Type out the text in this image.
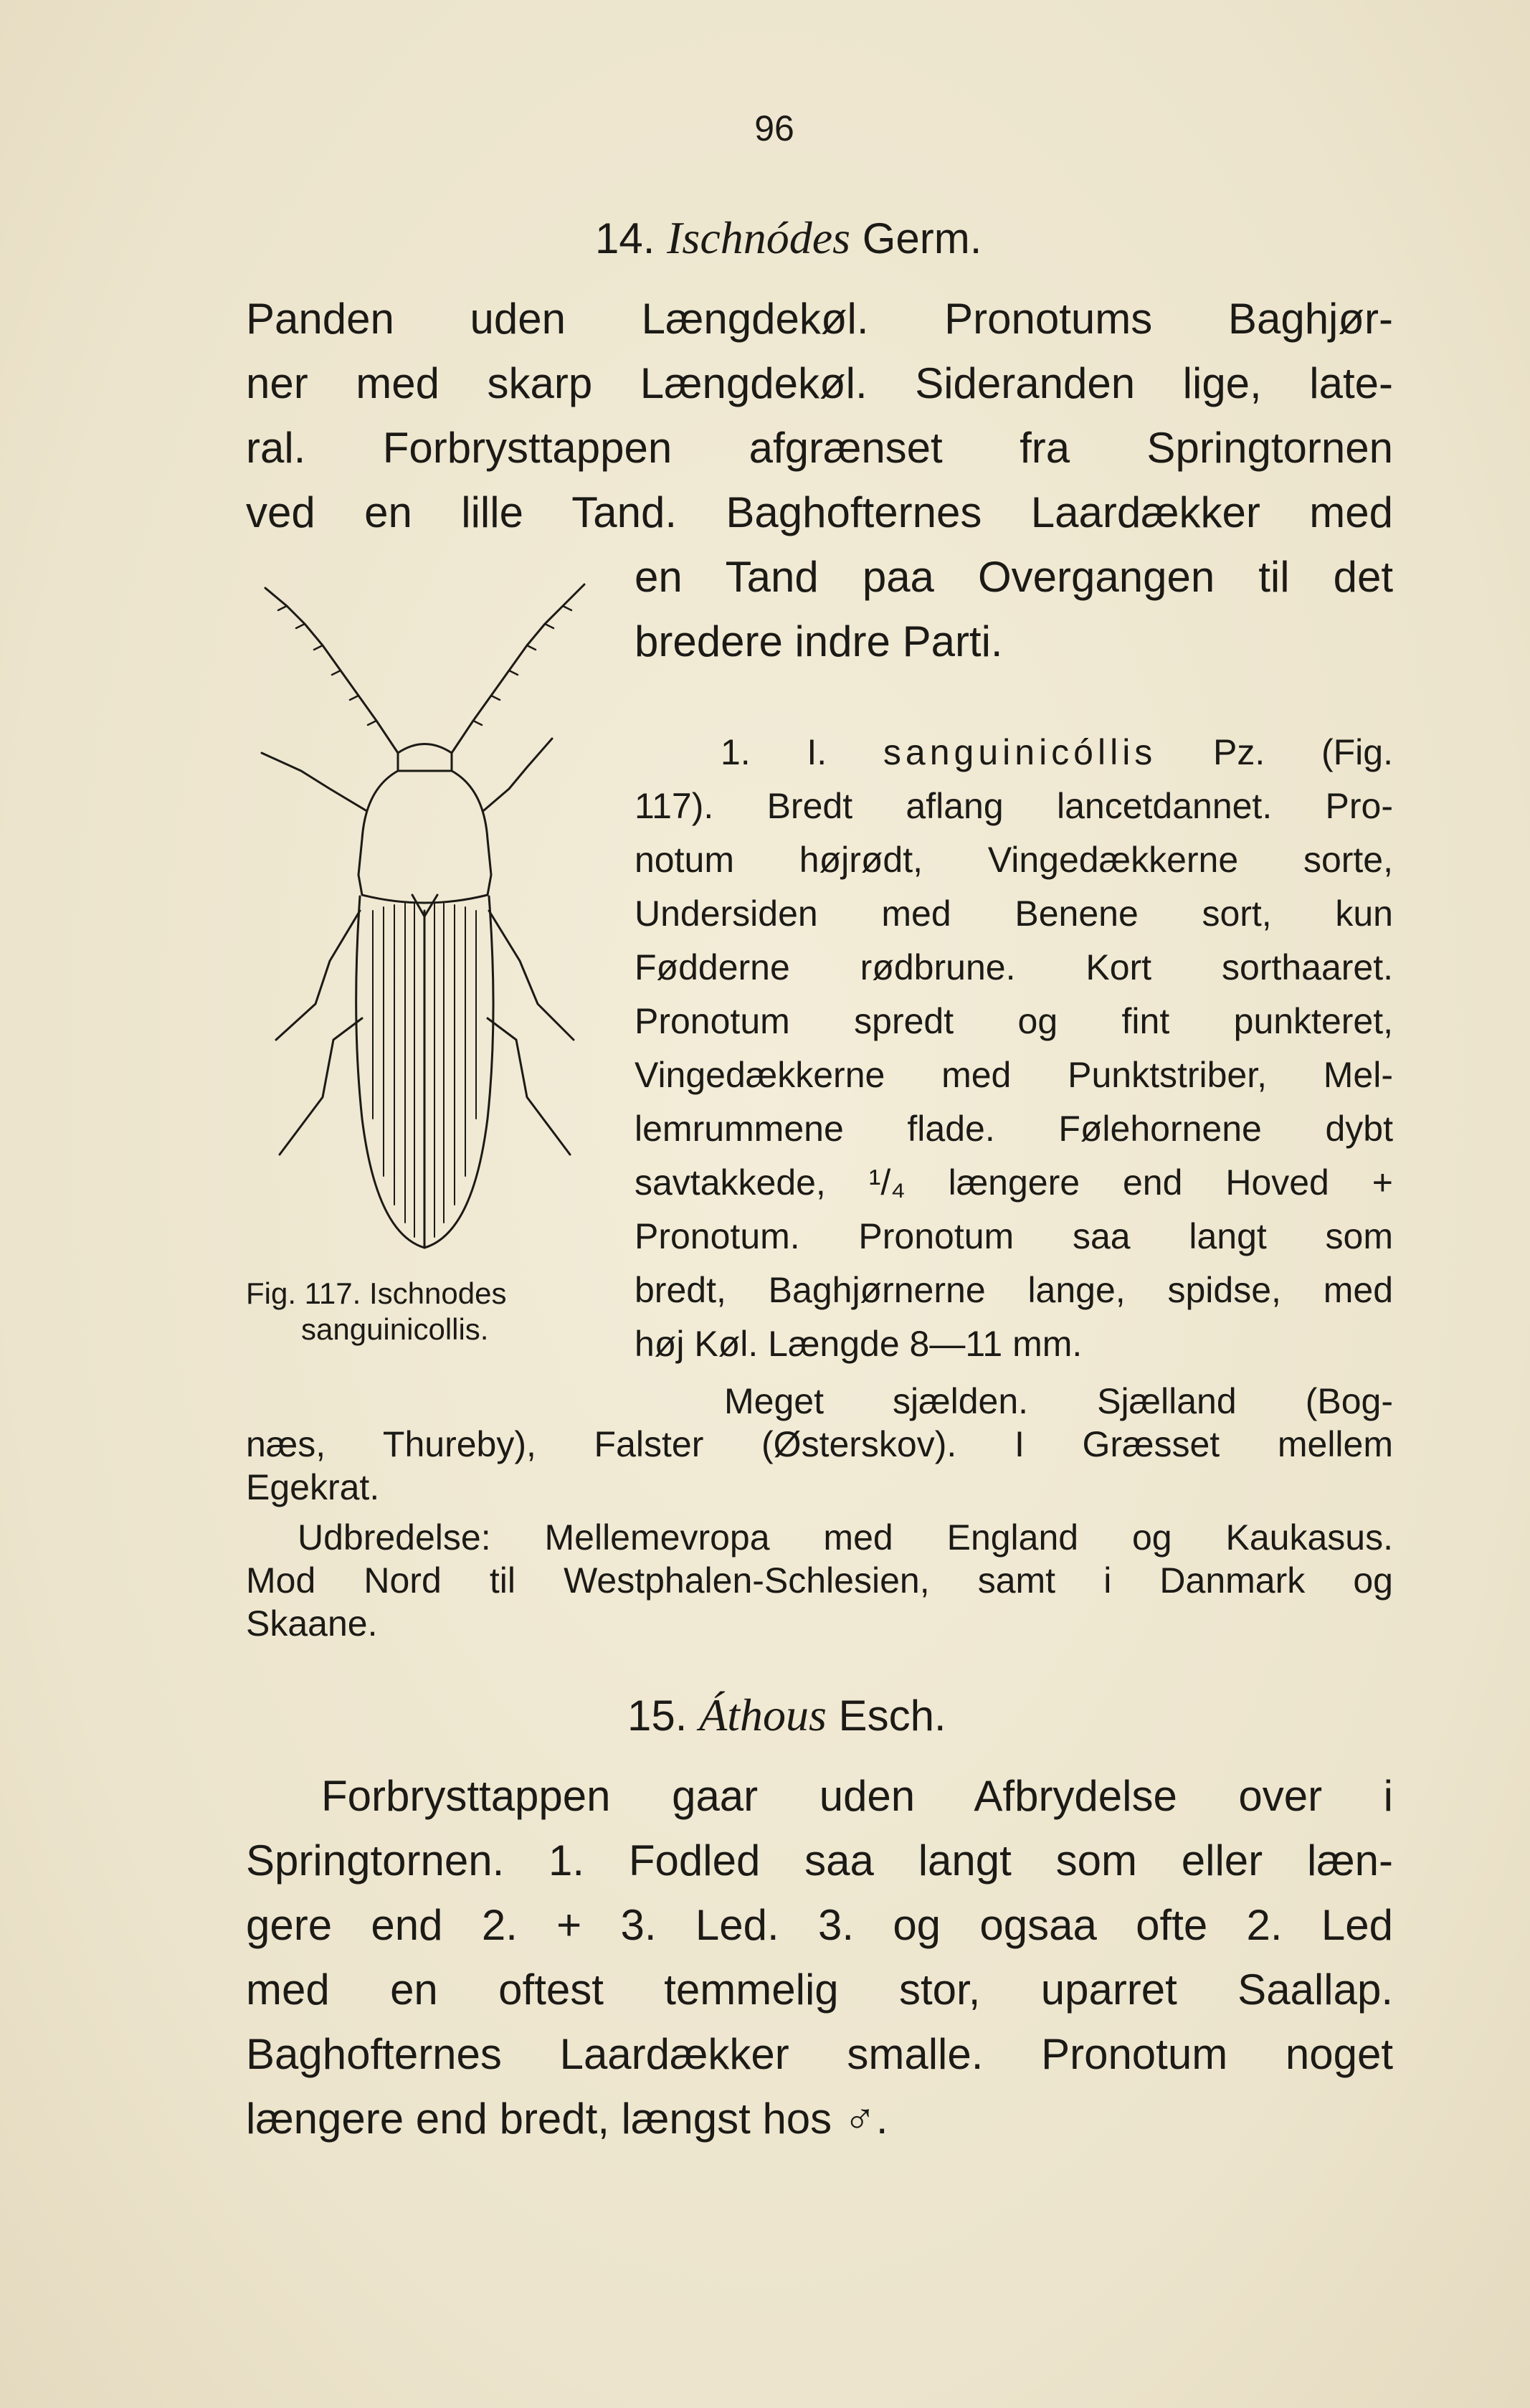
96
14. Ischnódes Germ.
Panden uden Længdekøl. Pronotums Baghjør-
ner med skarp Længdekøl. Sideranden lige, late-
ral. Forbrysttappen afgrænset fra Springtornen
ved en lille Tand. Baghofternes Laardækker med
en Tand paa Overgangen til det
bredere indre Parti.
Fig. 117. Ischnodes
sanguinicollis.
1. I. sanguinicóllis Pz. (Fig.
117). Bredt aflang lancetdannet. Pro-
notum højrødt, Vingedækkerne sorte,
Undersiden med Benene sort, kun
Fødderne rødbrune. Kort sorthaaret.
Pronotum spredt og fint punkteret,
Vingedækkerne med Punktstriber, Mel-
lemrummene flade. Følehornene dybt
savtakkede, ¹/₄ længere end Hoved +
Pronotum. Pronotum saa langt som
bredt, Baghjørnerne lange, spidse, med
høj Køl. Længde 8—11 mm.
Meget sjælden. Sjælland (Bog-
næs, Thureby), Falster (Østerskov). I Græsset mellem
Egekrat.
Udbredelse: Mellemevropa med England og Kaukasus.
Mod Nord til Westphalen-Schlesien, samt i Danmark og
Skaane.
15. Áthous Esch.
Forbrysttappen gaar uden Afbrydelse over i
Springtornen. 1. Fodled saa langt som eller læn-
gere end 2. + 3. Led. 3. og ogsaa ofte 2. Led
med en oftest temmelig stor, uparret Saallap.
Baghofternes Laardækker smalle. Pronotum noget
længere end bredt, længst hos ♂.
